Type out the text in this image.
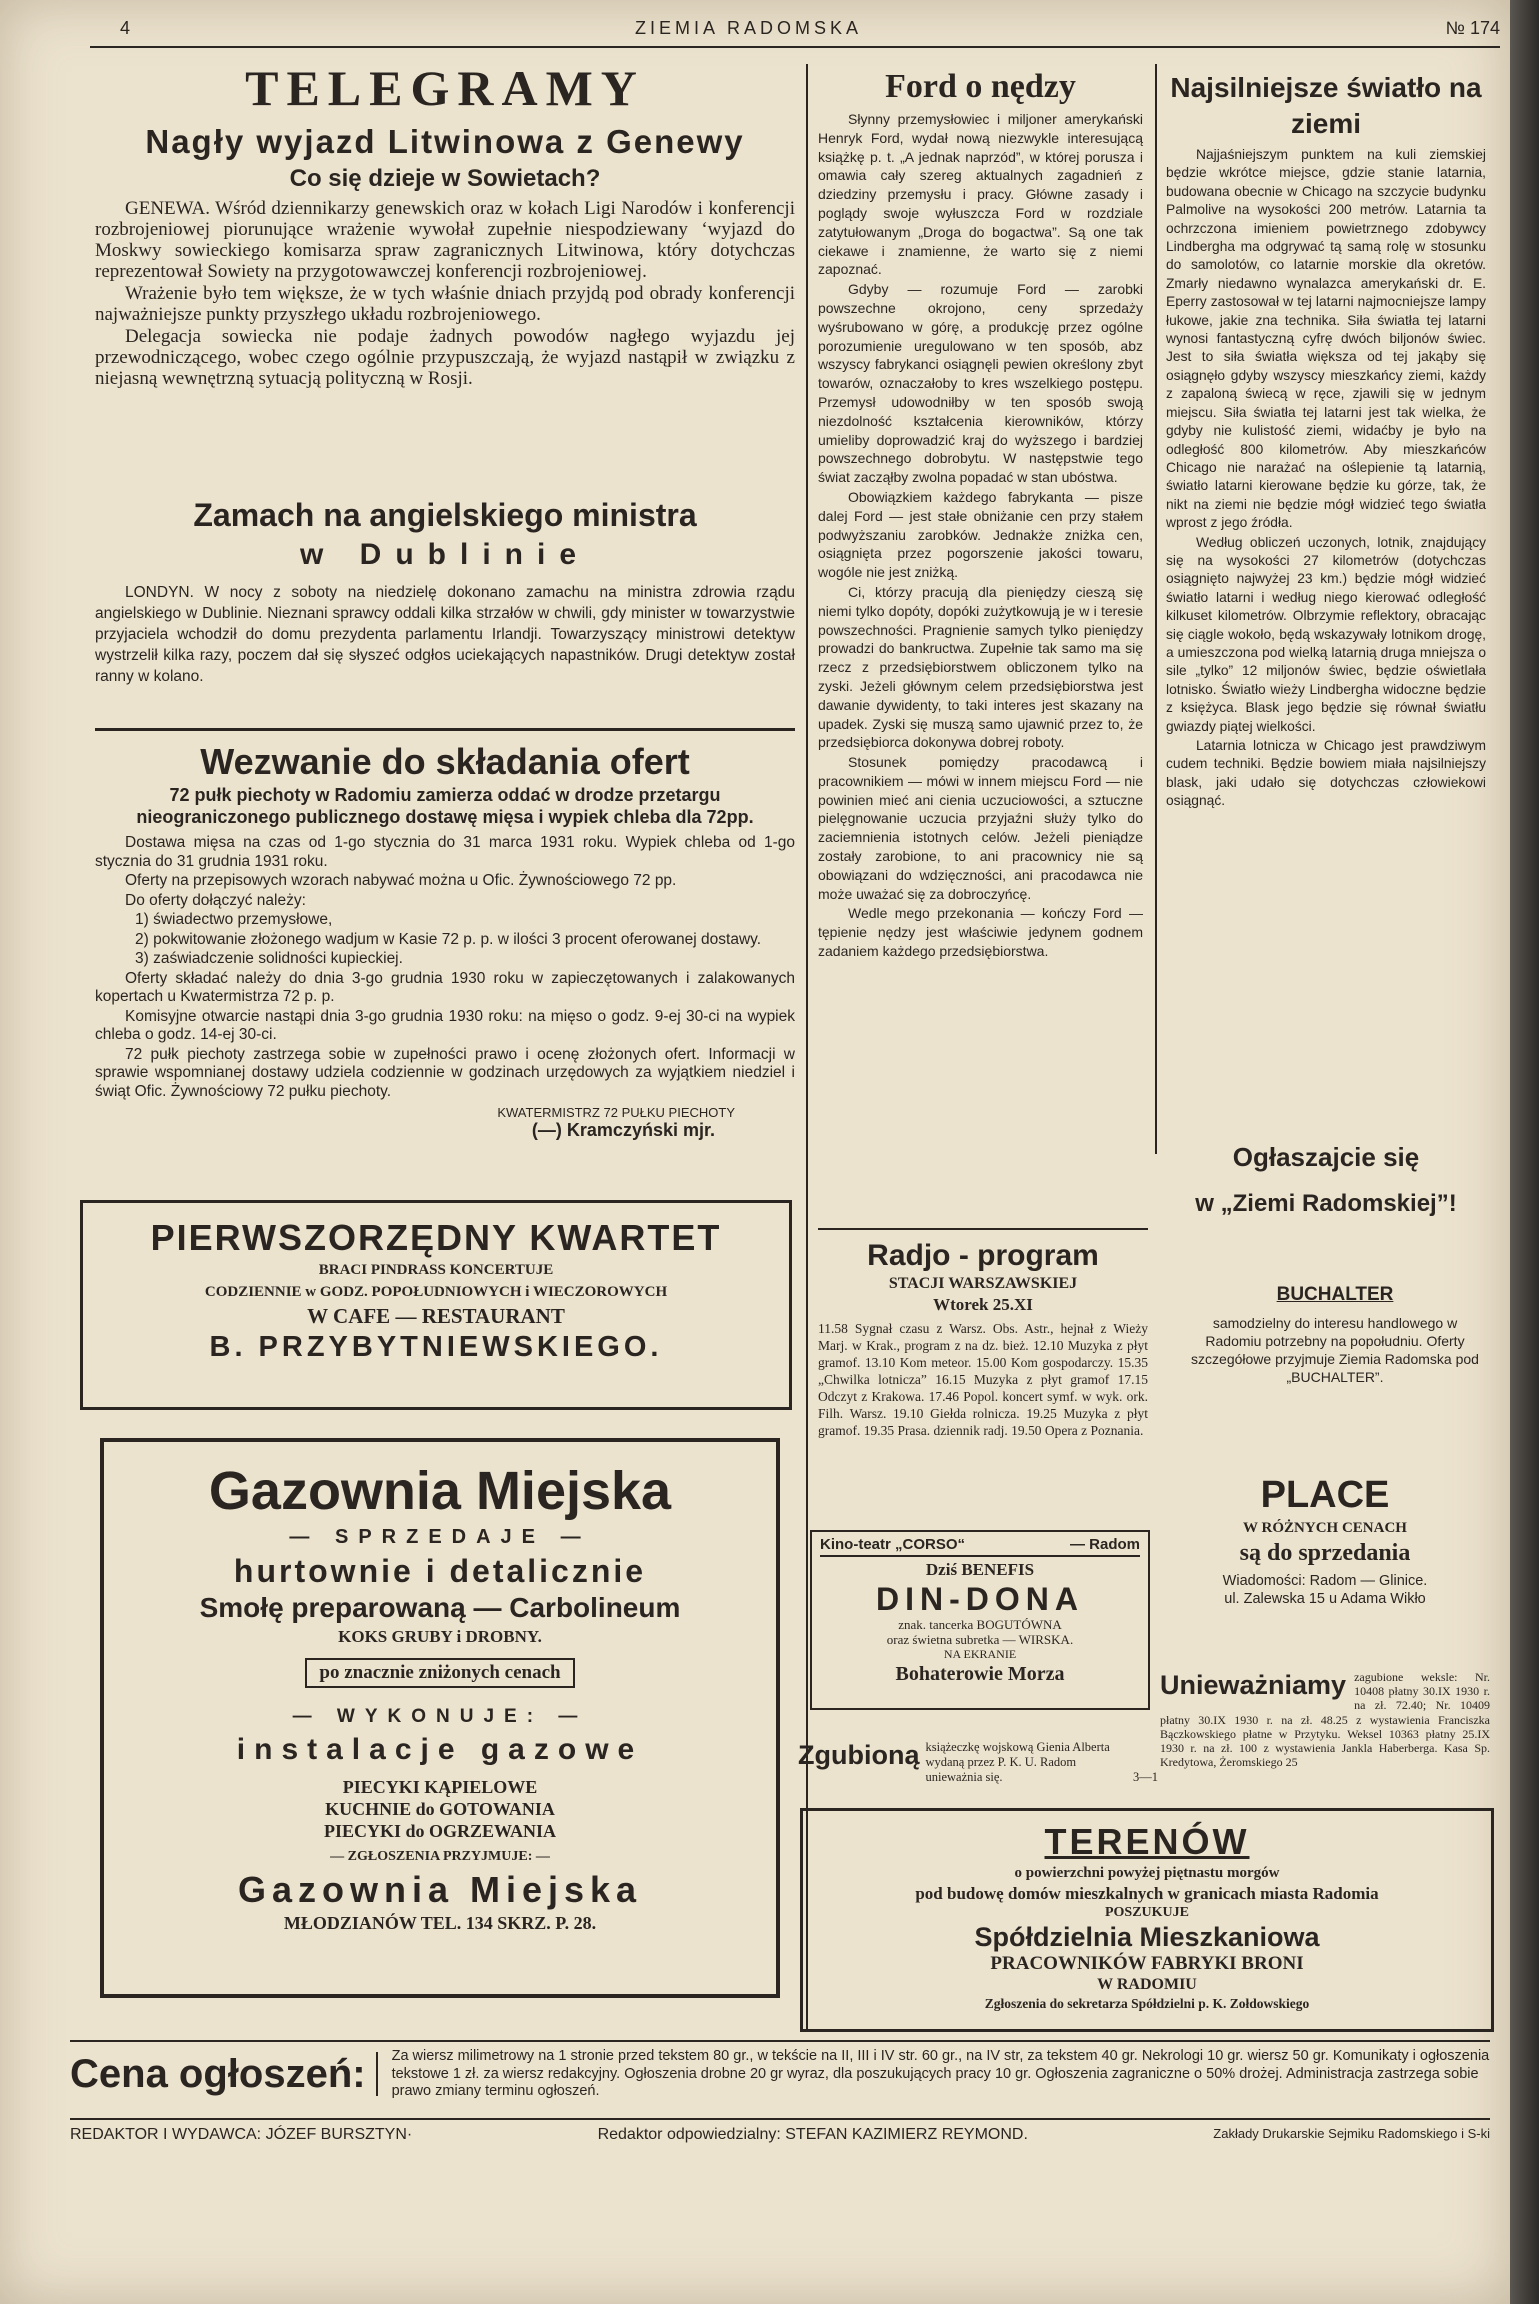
4	ZIEMIA RADOMSKA	№ 174
TELEGRAMY
Nagły wyjazd Litwinowa z Genewy
Co się dzieje w Sowietach?

GENEWA. Wśród dziennikarzy genewskich oraz w kołach Ligi Narodów i konferencji rozbrojeniowej piorunujące wrażenie wywołał zupełnie niespodziewany ‘wyjazd do Moskwy sowieckiego komisarza spraw zagranicznych Litwinowa, który dotychczas reprezentował Sowiety na przygotowawczej konferencji rozbrojeniowej.

Wrażenie było tem większe, że w tych właśnie dniach przyjdą pod obrady konferencji najważniejsze punkty przyszłego układu rozbrojeniowego.

Delegacja sowiecka nie podaje żadnych powodów nagłego wyjazdu jej przewodniczącego, wobec czego ogólnie przypuszczają, że wyjazd nastąpił w związku z niejasną wewnętrzną sytuacją polityczną w Rosji.

Zamach na angielskiego ministra
w Dublinie

LONDYN. W nocy z soboty na niedzielę dokonano zamachu na ministra zdrowia rządu angielskiego w Dublinie. Nieznani sprawcy oddali kilka strzałów w chwili, gdy minister w towarzystwie przyjaciela wchodził do domu prezydenta parlamentu Irlandji. Towarzyszący ministrowi detektyw wystrzelił kilka razy, poczem dał się słyszeć odgłos uciekających napastników. Drugi detektyw został ranny w kolano.

Wezwanie do składania ofert
72 pułk piechoty w Radomiu zamierza oddać w drodze przetargu nieograniczonego publicznego dostawę mięsa i wypiek chleba dla 72pp.

Dostawa mięsa na czas od 1-go stycznia do 31 marca 1931 roku. Wypiek chleba od 1-go stycznia do 31 grudnia 1931 roku.

Oferty na przepisowych wzorach nabywać można u Ofic. Żywnościowego 72 pp.

Do oferty dołączyć należy:

1) świadectwo przemysłowe,

2) pokwitowanie złożonego wadjum w Kasie 72 p. p. w ilości 3 procent oferowanej dostawy.

3) zaświadczenie solidności kupieckiej.

Oferty składać należy do dnia 3-go grudnia 1930 roku w zapieczętowanych i zalakowanych kopertach u Kwatermistrza 72 p. p.

Komisyjne otwarcie nastąpi dnia 3-go grudnia 1930 roku: na mięso o godz. 9-ej 30-ci na wypiek chleba o godz. 14-ej 30-ci.

72 pułk piechoty zastrzega sobie w zupełności prawo i ocenę złożonych ofert. Informacji w sprawie wspomnianej dostawy udziela codziennie w godzinach urzędowych za wyjątkiem niedziel i świąt Ofic. Żywnościowy 72 pułku piechoty.

KWATERMISTRZ 72 PUŁKU PIECHOTY
(—) Kramczyński mjr.
PIERWSZORZĘDNY KWARTET
BRACI PINDRASS KONCERTUJE
CODZIENNIE w GODZ. POPOŁUDNIOWYCH i WIECZOROWYCH
W CAFE — RESTAURANT
B. PRZYBYTNIEWSKIEGO.
Gazownia Miejska
— SPRZEDAJE —
hurtownie i detalicznie
Smołę preparowaną — Carbolineum
KOKS GRUBY i DROBNY.
po znacznie zniżonych cenach
— WYKONUJE: —
instalacje gazowe
PIECYKI KĄPIELOWE
KUCHNIE do GOTOWANIA
PIECYKI do OGRZEWANIA
— ZGŁOSZENIA PRZYJMUJE: —
Gazownia Miejska
MŁODZIANÓW TEL. 134 SKRZ. P. 28.
Ford o nędzy

Słynny przemysłowiec i miljoner amerykański Henryk Ford, wydał nową niezwykle interesującą książkę p. t. „A jednak naprzód”, w której porusza i omawia cały szereg aktualnych zagadnień z dziedziny przemysłu i pracy. Główne zasady i poglądy swoje wyłuszcza Ford w rozdziale zatytułowanym „Droga do bogactwa”. Są one tak ciekawe i znamienne, że warto się z niemi zapoznać.

Gdyby — rozumuje Ford — zarobki powszechne okrojono, ceny sprzedaży wyśrubowano w górę, a produkcję przez ogólne porozumienie uregulowano w ten sposób, abz wszyscy fabrykanci osiągnęli pewien określony zbyt towarów, oznaczałoby to kres wszelkiego postępu. Przemysł udowodniłby w ten sposób swoją niezdolność kształcenia kierowników, którzy umieliby doprowadzić kraj do wyższego i bardziej powszechnego dobrobytu. W następstwie tego świat zacząłby zwolna popadać w stan ubóstwa.

Obowiązkiem każdego fabrykanta — pisze dalej Ford — jest stałe obniżanie cen przy stałem podwyższaniu zarobków. Jednakże zniżka cen, osiągnięta przez pogorszenie jakości towaru, wogóle nie jest zniżką.

Ci, którzy pracują dla pieniędzy cieszą się niemi tylko dopóty, dopóki zużytkowują je w i teresie powszechności. Pragnienie samych tylko pieniędzy prowadzi do bankructwa. Zupełnie tak samo ma się rzecz z przedsiębiorstwem obliczonem tylko na zyski. Jeżeli głównym celem przedsiębiorstwa jest dawanie dywidenty, to taki interes jest skazany na upadek. Zyski się muszą samo ujawnić przez to, że przedsiębiorca dokonywa dobrej roboty.

Stosunek pomiędzy pracodawcą i pracownikiem — mówi w innem miejscu Ford — nie powinien mieć ani cienia uczuciowości, a sztuczne pielęgnowanie uczucia przyjaźni służy tylko do zaciemnienia istotnych celów. Jeżeli pieniądze zostały zarobione, to ani pracownicy nie są obowiązani do wdzięczności, ani pracodawca nie może uważać się za dobroczyńcę.

Wedle mego przekonania — kończy Ford — tępienie nędzy jest właściwie jedynem godnem zadaniem każdego przedsiębiorstwa.

Radjo - program
STACJI WARSZAWSKIEJ
Wtorek 25.XI
11.58 Sygnał czasu z Warsz. Obs. Astr., hejnał z Wieży Marj. w Krak., program z na dz. bież. 12.10 Muzyka z płyt gramof. 13.10 Kom meteor. 15.00 Kom gospodarczy. 15.35 „Chwilka lotnicza” 16.15 Muzyka z płyt gramof 17.15 Odczyt z Krakowa. 17.46 Popol. koncert symf. w wyk. ork. Filh. Warsz. 19.10 Giełda rolnicza. 19.25 Muzyka z płyt gramof. 19.35 Prasa. dziennik radj. 19.50 Opera z Poznania.
Kino-teatr „CORSO“	— Radom
Dziś BENEFIS
DIN-DONA
znak. tancerka BOGUTÓWNA
oraz świetna subretka — WIRSKA.
NA EKRANIE
Bohaterowie Morza
Zgubioną książeczkę wojskową Gienia Alberta wydaną przez P. K. U. Radom unieważnia się.	3—1
Najsilniejsze światło na ziemi

Najjaśniejszym punktem na kuli ziemskiej będzie wkrótce miejsce, gdzie stanie latarnia, budowana obecnie w Chicago na szczycie budynku Palmolive na wysokości 200 metrów. Latarnia ta ochrzczona imieniem powietrznego zdobywcy Lindbergha ma odgrywać tą samą rolę w stosunku do samolotów, co latarnie morskie dla okretów. Zmarły niedawno wynalazca amerykański dr. E. Eperry zastosował w tej latarni najmocniejsze lampy łukowe, jakie zna technika. Siła światła tej latarni wynosi fantastyczną cyfrę dwóch biljonów świec. Jest to siła światła większa od tej jakąby się osiągnęło gdyby wszyscy mieszkańcy ziemi, każdy z zapaloną świecą w ręce, zjawili się w jednym miejscu. Siła światła tej latarni jest tak wielka, że gdyby nie kulistość ziemi, widaćby je było na odległość 800 kilometrów. Aby mieszkańców Chicago nie narażać na oślepienie tą latarnią, światło latarni kierowane będzie ku górze, tak, że nikt na ziemi nie będzie mógł widzieć tego światła wprost z jego źródła.

Według obliczeń uczonych, lotnik, znajdujący się na wysokości 27 kilometrów (dotychczas osiągnięto najwyżej 23 km.) będzie mógł widzieć światło latarni i według niego kierować odległość kilkuset kilometrów. Olbrzymie reflektory, obracając się ciągle wokoło, będą wskazywały lotnikom drogę, a umieszczona pod wielką latarnią druga mniejsza o sile „tylko” 12 miljonów świec, będzie oświetlała lotnisko. Światło wieży Lindbergha widoczne będzie z księżyca. Blask jego będzie się równał światłu gwiazdy piątej wielkości.

Latarnia lotnicza w Chicago jest prawdziwym cudem techniki. Będzie bowiem miała najsilniejszy blask, jaki udało się dotychczas człowiekowi osiągnąć.

Ogłaszajcie się
w „Ziemi Radomskiej”!
BUCHALTER
samodzielny do interesu handlowego w Radomiu potrzebny na popołudniu. Oferty szczegółowe przyjmuje Ziemia Radomska pod „BUCHALTER”.
PLACE
W RÓŻNYCH CENACH
są do sprzedania
Wiadomości: Radom — Glinice.
ul. Zalewska 15 u Adama Wikło
Unieważniamy zagubione weksle: Nr. 10408 płatny 30.IX 1930 r. na zł. 72.40; Nr. 10409 płatny 30.IX 1930 r. na zł. 48.25 z wystawienia Franciszka Bączkowskiego płatne w Przytyku. Weksel 10363 płatny 25.IX 1930 r. na zł. 100 z wystawienia Jankla Haberberga. Kasa Sp. Kredytowa, Żeromskiego 25
TERENÓW
o powierzchni powyżej piętnastu morgów
pod budowę domów mieszkalnych w granicach miasta Radomia
POSZUKUJE
Spółdzielnia Mieszkaniowa
PRACOWNIKÓW FABRYKI BRONI
W RADOMIU
Zgłoszenia do sekretarza Spółdzielni p. K. Zołdowskiego
Cena ogłoszeń:	Za wiersz milimetrowy na 1 stronie przed tekstem 80 gr., w tekście na II, III i IV str. 60 gr., na IV str, za tekstem 40 gr. Nekrologi 10 gr. wiersz 50 gr. Komunikaty i ogłoszenia tekstowe 1 zł. za wiersz redakcyjny. Ogłoszenia drobne 20 gr wyraz, dla poszukujących pracy 10 gr. Ogłoszenia zagraniczne o 50% drożej. Administracja zastrzega sobie prawo zmiany terminu ogłoszeń.
REDAKTOR I WYDAWCA: JÓZEF BURSZTYN·	Redaktor odpowiedzialny: STEFAN KAZIMIERZ REYMOND.	Zakłady Drukarskie Sejmiku Radomskiego i S-ki
